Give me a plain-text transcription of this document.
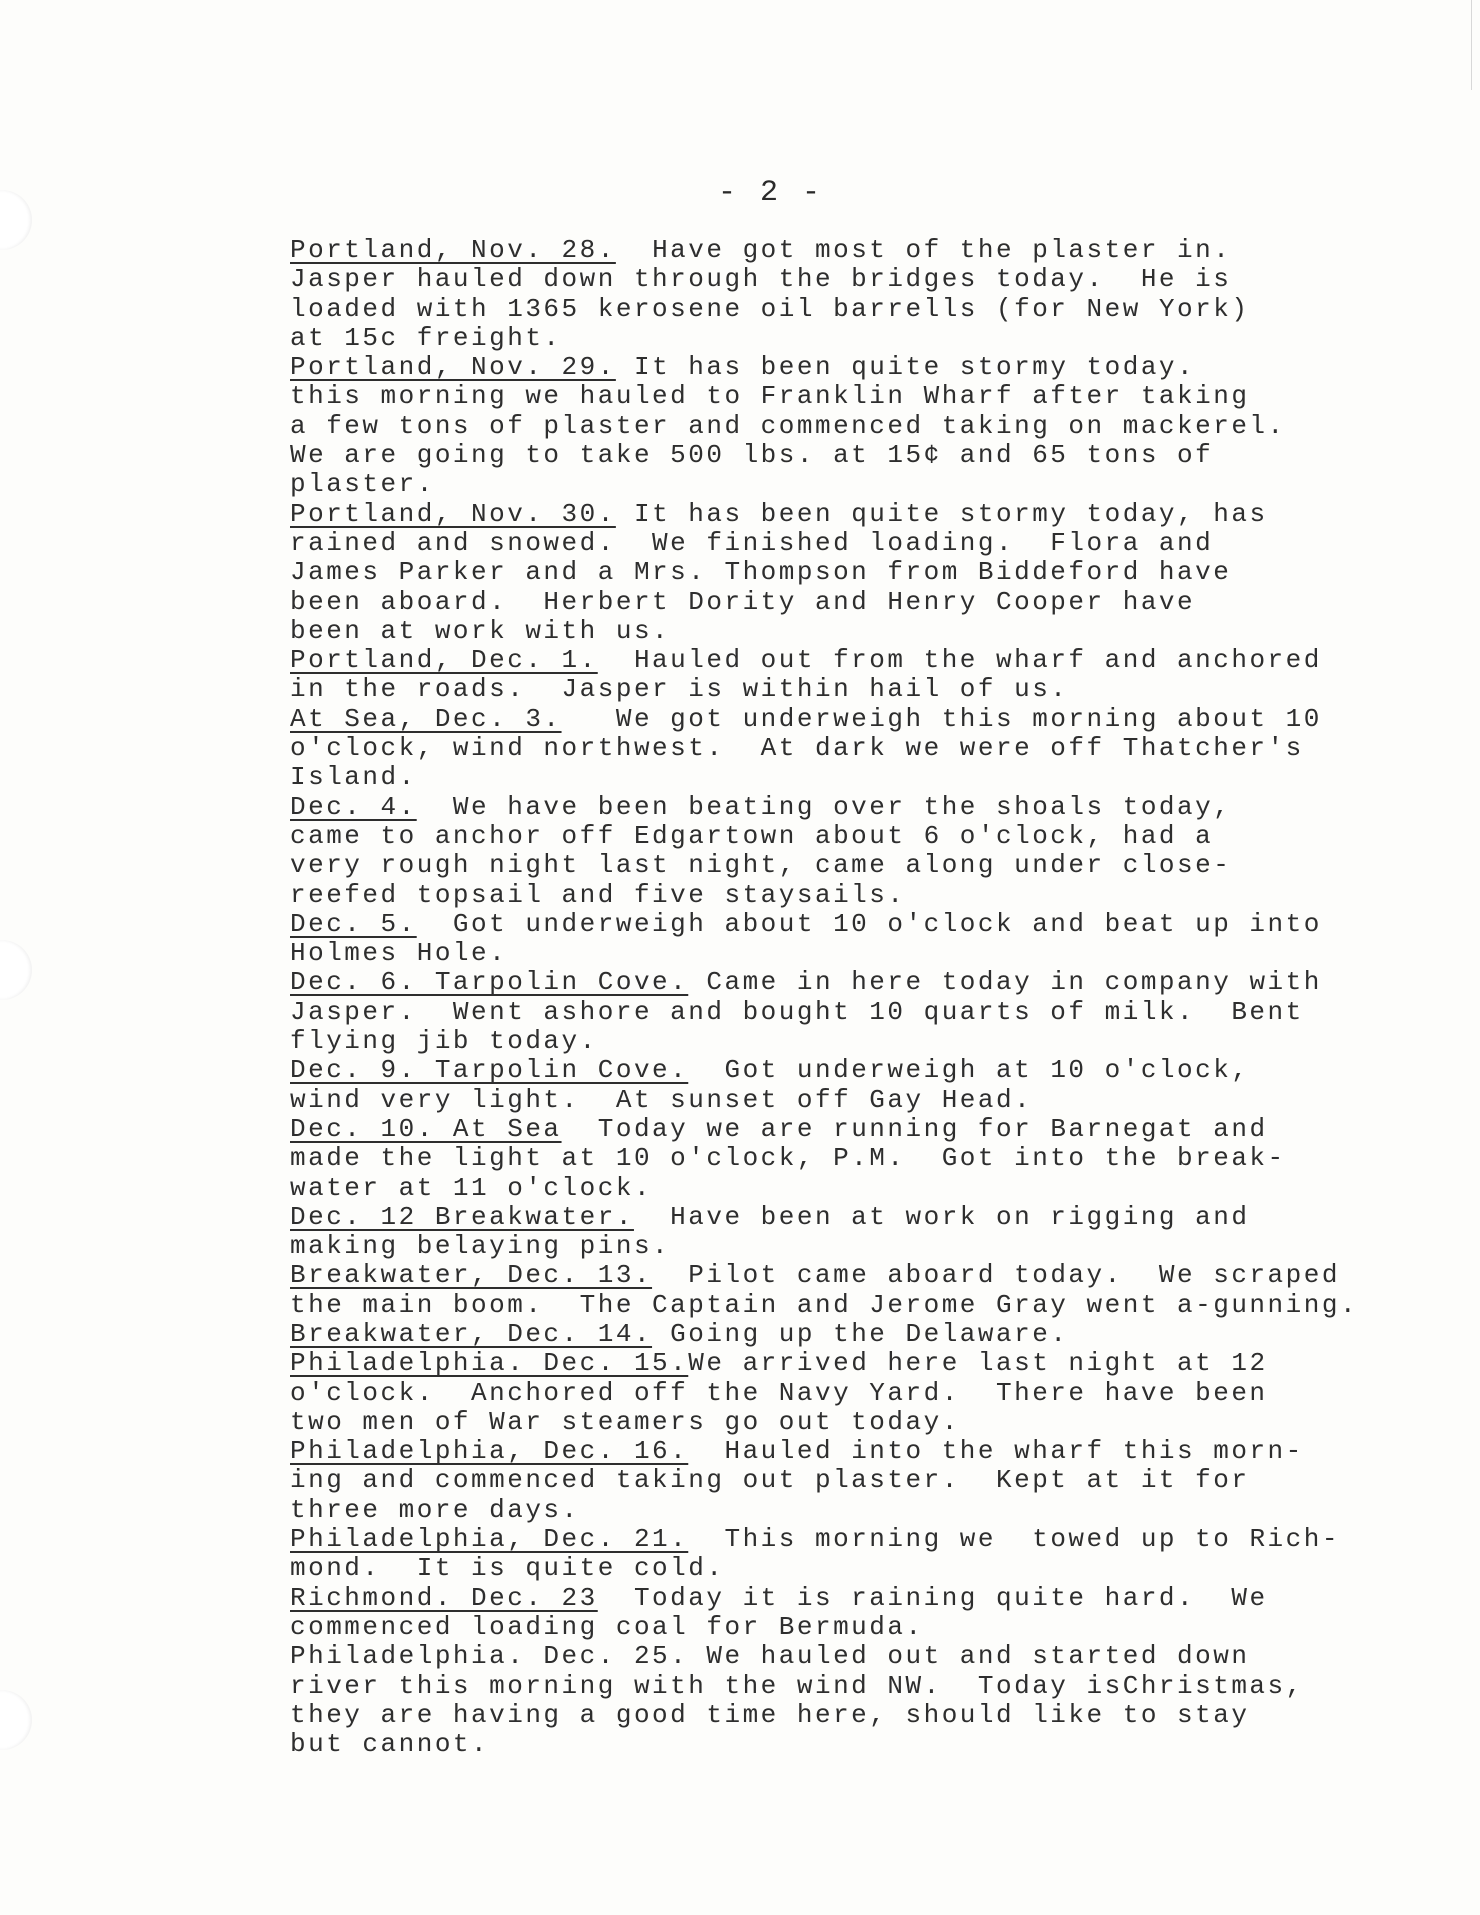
- 2 -
Portland, Nov. 28.  Have got most of the plaster in.
Jasper hauled down through the bridges today.  He is
loaded with 1365 kerosene oil barrells (for New York)
at 15c freight.
Portland, Nov. 29. It has been quite stormy today.
this morning we hauled to Franklin Wharf after taking
a few tons of plaster and commenced taking on mackerel.
We are going to take 500 lbs. at 15¢ and 65 tons of
plaster.
Portland, Nov. 30. It has been quite stormy today, has
rained and snowed.  We finished loading.  Flora and
James Parker and a Mrs. Thompson from Biddeford have
been aboard.  Herbert Dority and Henry Cooper have
been at work with us.
Portland, Dec. 1.  Hauled out from the wharf and anchored
in the roads.  Jasper is within hail of us.
At Sea, Dec. 3.   We got underweigh this morning about 10
o'clock, wind northwest.  At dark we were off Thatcher's
Island.
Dec. 4.  We have been beating over the shoals today,
came to anchor off Edgartown about 6 o'clock, had a
very rough night last night, came along under close-
reefed topsail and five staysails.
Dec. 5.  Got underweigh about 10 o'clock and beat up into
Holmes Hole.
Dec. 6. Tarpolin Cove. Came in here today in company with
Jasper.  Went ashore and bought 10 quarts of milk.  Bent
flying jib today.
Dec. 9. Tarpolin Cove.  Got underweigh at 10 o'clock,
wind very light.  At sunset off Gay Head.
Dec. 10. At Sea  Today we are running for Barnegat and
made the light at 10 o'clock, P.M.  Got into the break-
water at 11 o'clock.
Dec. 12 Breakwater.  Have been at work on rigging and
making belaying pins.
Breakwater, Dec. 13.  Pilot came aboard today.  We scraped
the main boom.  The Captain and Jerome Gray went a-gunning.
Breakwater, Dec. 14. Going up the Delaware.
Philadelphia. Dec. 15.We arrived here last night at 12
o'clock.  Anchored off the Navy Yard.  There have been
two men of War steamers go out today.
Philadelphia, Dec. 16.  Hauled into the wharf this morn-
ing and commenced taking out plaster.  Kept at it for
three more days.
Philadelphia, Dec. 21.  This morning we  towed up to Rich-
mond.  It is quite cold.
Richmond. Dec. 23  Today it is raining quite hard.  We
commenced loading coal for Bermuda.
Philadelphia. Dec. 25. We hauled out and started down
river this morning with the wind NW.  Today isChristmas,
they are having a good time here, should like to stay
but cannot.
